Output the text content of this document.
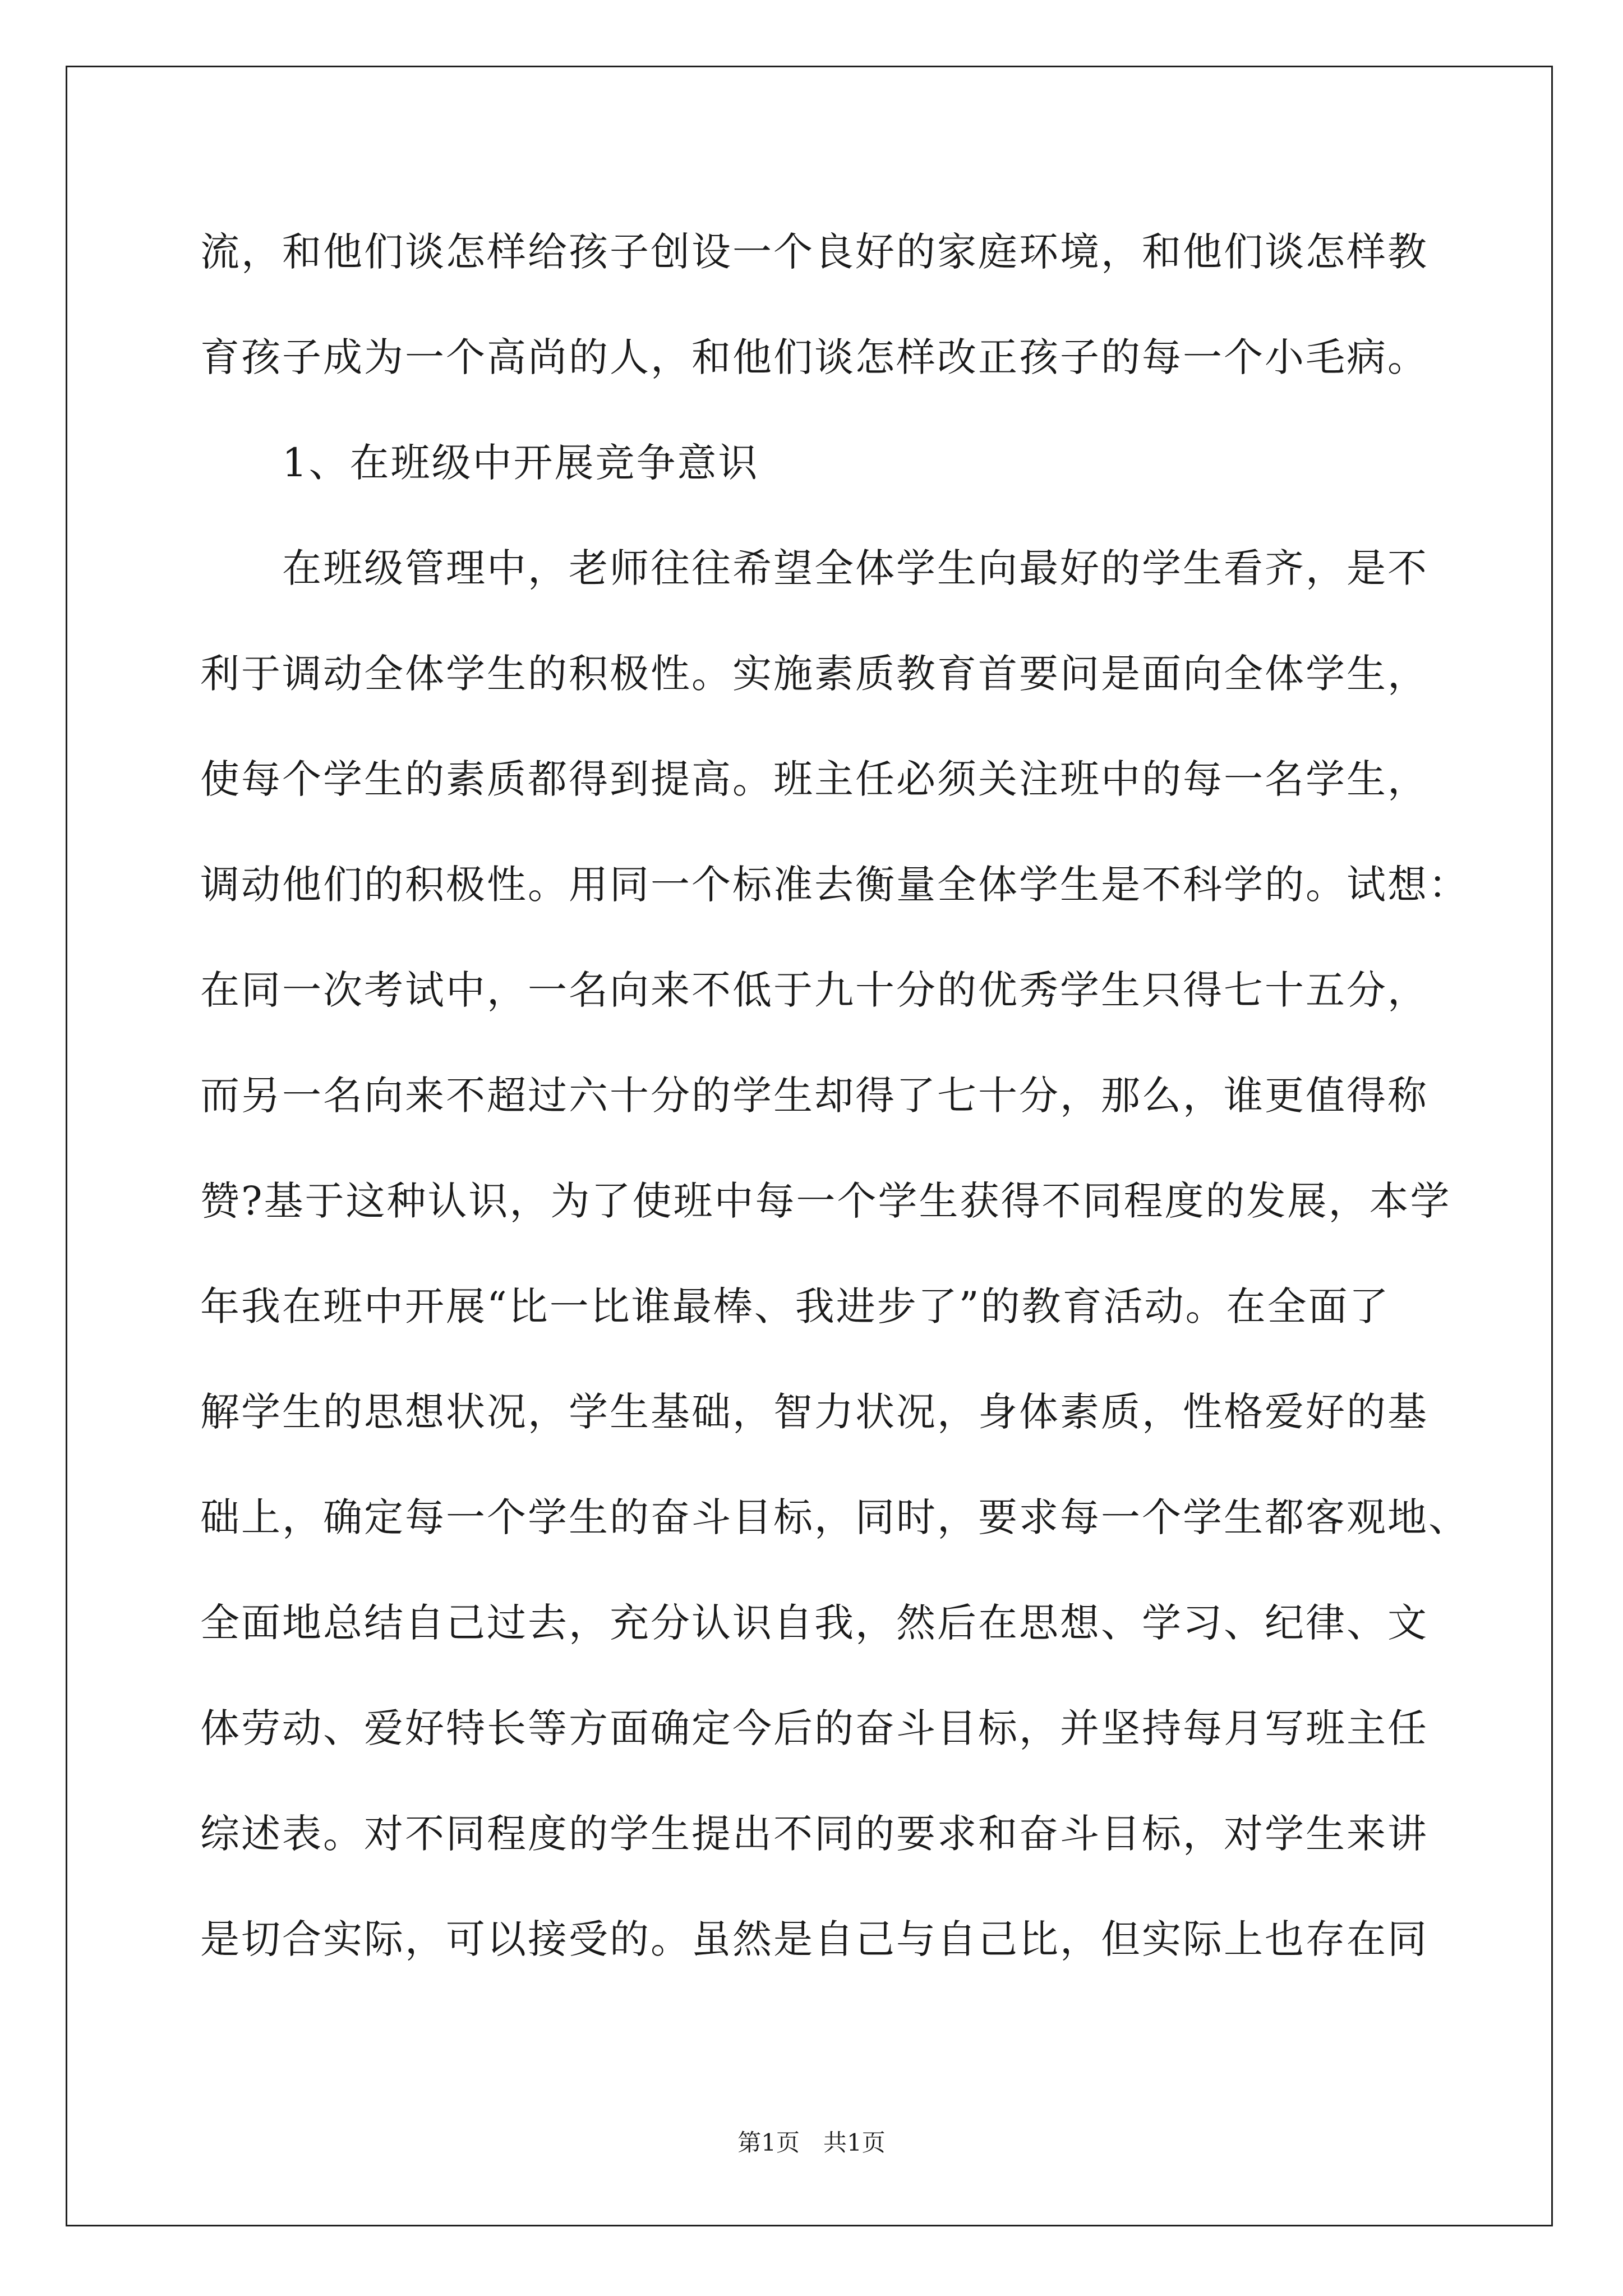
流，和他们谈怎样给孩子创设一个良好的家庭环境，和他们谈怎样教
育孩子成为一个高尚的人，和他们谈怎样改正孩子的每一个小毛病。
1、在班级中开展竞争意识
在班级管理中，老师往往希望全体学生向最好的学生看齐，是不
利于调动全体学生的积极性。实施素质教育首要问是面向全体学生，
使每个学生的素质都得到提高。班主任必须关注班中的每一名学生，
调动他们的积极性。用同一个标准去衡量全体学生是不科学的。试想：
在同一次考试中，一名向来不低于九十分的优秀学生只得七十五分，
而另一名向来不超过六十分的学生却得了七十分，那么，谁更值得称
赞?基于这种认识，为了使班中每一个学生获得不同程度的发展，本学
年我在班中开展“比一比谁最棒、我进步了”的教育活动。在全面了
解学生的思想状况，学生基础，智力状况，身体素质，性格爱好的基
础上，确定每一个学生的奋斗目标，同时，要求每一个学生都客观地、
全面地总结自己过去，充分认识自我，然后在思想、学习、纪律、文
体劳动、爱好特长等方面确定今后的奋斗目标，并坚持每月写班主任
综述表。对不同程度的学生提出不同的要求和奋斗目标，对学生来讲
是切合实际，可以接受的。虽然是自己与自己比，但实际上也存在同
第1页 共1页
